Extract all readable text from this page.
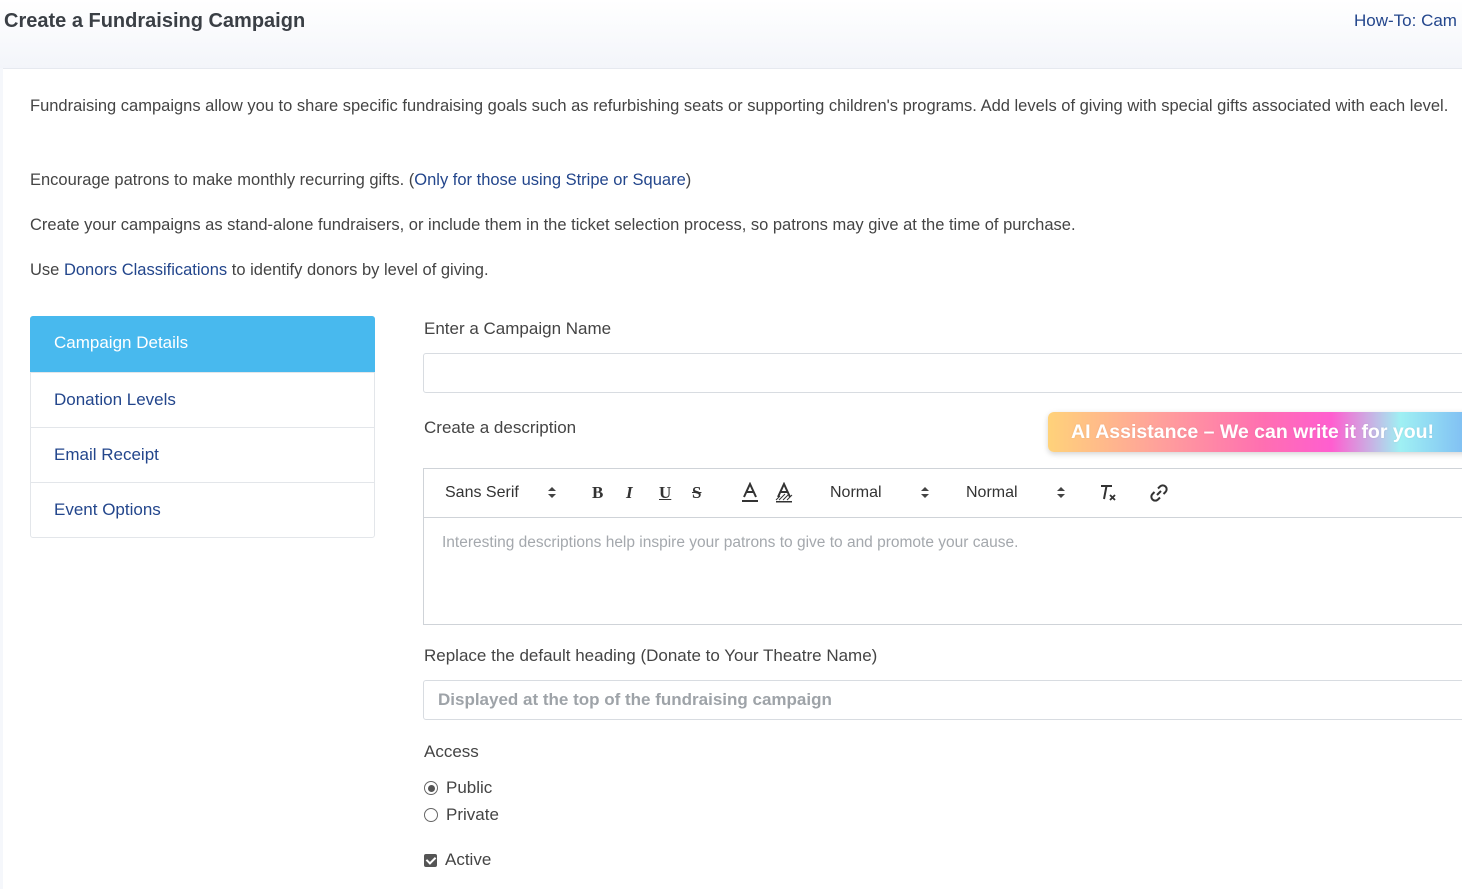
Create a Fundraising Campaign	How-To: Cam

Fundraising campaigns allow you to share specific fundraising goals such as refurbishing seats or supporting children's programs. Add levels of giving with special gifts associated with each level.

Encourage patrons to make monthly recurring gifts. (Only for those using Stripe or Square)

Create your campaigns as stand-alone fundraisers, or include them in the ticket selection process, so patrons may give at the time of purchase.

Use Donors Classifications to identify donors by level of giving.

Campaign Details
Donation Levels
Email Receipt
Event Options

Enter a Campaign Name

Create a description	AI Assistance – We can write it for you!
Sans Serif	B I U S	Normal	Normal
Interesting descriptions help inspire your patrons to give to and promote your cause.

Replace the default heading (Donate to Your Theatre Name)

Displayed at the top of the fundraising campaign

Access

Public
Private
Active
